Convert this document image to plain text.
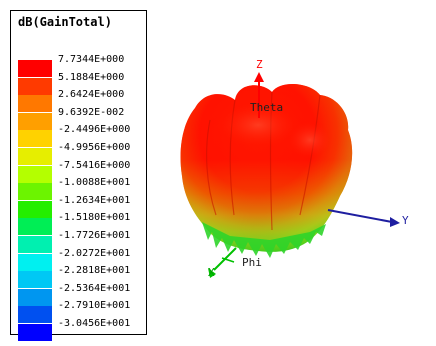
dB(GainTotal)
7.7344E+000
5.1884E+000
2.6424E+000
9.6392E-002
-2.4496E+000
-4.9956E+000
-7.5416E+000
-1.0088E+001
-1.2634E+001
-1.5180E+001
-1.7726E+001
-2.0272E+001
-2.2818E+001
-2.5364E+001
-2.7910E+001
-3.0456E+001
Z
Theta
Y
Phi
X
